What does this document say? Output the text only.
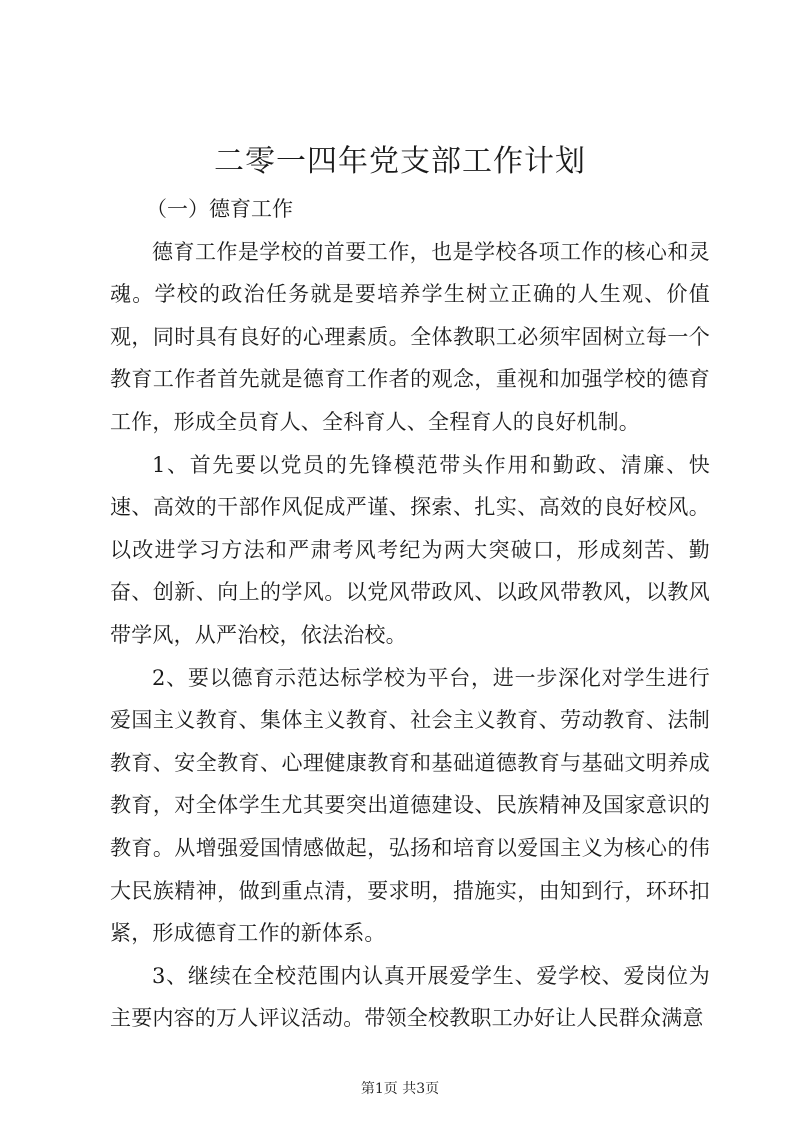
二零一四年党支部工作计划

（一）德育工作

德育工作是学校的首要工作，也是学校各项工作的核心和灵魂。学校的政治任务就是要培养学生树立正确的人生观、价值观，同时具有良好的心理素质。全体教职工必须牢固树立每一个教育工作者首先就是德育工作者的观念，重视和加强学校的德育工作，形成全员育人、全科育人、全程育人的良好机制。

1、首先要以党员的先锋模范带头作用和勤政、清廉、快速、高效的干部作风促成严谨、探索、扎实、高效的良好校风。以改进学习方法和严肃考风考纪为两大突破口，形成刻苦、勤奋、创新、向上的学风。以党风带政风、以政风带教风，以教风带学风，从严治校，依法治校。

2、要以德育示范达标学校为平台，进一步深化对学生进行爱国主义教育、集体主义教育、社会主义教育、劳动教育、法制教育、安全教育、心理健康教育和基础道德教育与基础文明养成教育，对全体学生尤其要突出道德建设、民族精神及国家意识的教育。从增强爱国情感做起，弘扬和培育以爱国主义为核心的伟大民族精神，做到重点清，要求明，措施实，由知到行，环环扣紧，形成德育工作的新体系。

3、继续在全校范围内认真开展爱学生、爱学校、爱岗位为主要内容的万人评议活动。带领全校教职工办好让人民群众满意

第1页 共3页
